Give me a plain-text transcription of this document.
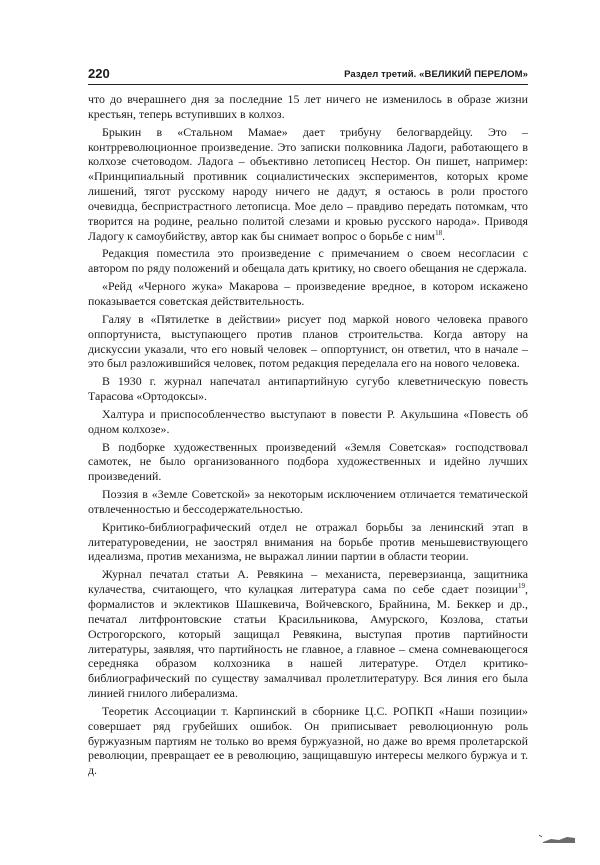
220	Раздел третий. «ВЕЛИКИЙ ПЕРЕЛОМ»

что до вчерашнего дня за последние 15 лет ничего не изменилось в образе жизни крестьян, теперь вступивших в колхоз.

Брыкин в «Стальном Мамае» дает трибуну белогвардейцу. Это – контрреволюционное произведение. Это записки полковника Ладоги, работающего в колхозе счетоводом. Ладога – объективно летописец Нестор. Он пишет, например: «Принципиальный противник социалистических экспериментов, которых кроме лишений, тягот русскому народу ничего не дадут, я остаюсь в роли простого очевидца, беспристрастного летописца. Мое дело – правдиво передать потомкам, что творится на родине, реально политой слезами и кровью русского народа». Приводя Ладогу к самоубийству, автор как бы снимает вопрос о борьбе с ним$^{18}$.

Редакция поместила это произведение с примечанием о своем несогласии с автором по ряду положений и обещала дать критику, но своего обещания не сдержала.

«Рейд «Черного жука» Макарова – произведение вредное, в котором искажено показывается советская действительность.

Галяу в «Пятилетке в действии» рисует под маркой нового человека правого оппортуниста, выступающего против планов строительства. Когда автору на дискуссии указали, что его новый человек – оппортунист, он ответил, что в начале – это был разложившийся человек, потом редакция переделала его на нового человека.

В 1930 г. журнал напечатал антипартийную сугубо клеветническую повесть Тарасова «Ортодоксы».

Халтура и приспособленчество выступают в повести Р. Акульшина «Повесть об одном колхозе».

В подборке художественных произведений «Земля Советская» господствовал самотек, не было организованного подбора художественных и идейно лучших произведений.

Поэзия в «Земле Советской» за некоторым исключением отличается тематической отвлеченностью и бессодержательностью.

Критико-библиографический отдел не отражал борьбы за ленинский этап в литературоведении, не заострял внимания на борьбе против меньшевиствующего идеализма, против механизма, не выражал линии партии в области теории.

Журнал печатал статьи А. Ревякина – механиста, переверзианца, защитника кулачества, считающего, что кулацкая литература сама по себе сдает позиции$^{19}$, формалистов и эклектиков Шашкевича, Войчевского, Брайнина, М. Беккер и др., печатал литфронтовские статьи Красильникова, Амурского, Козлова, статьи Острогорского, который защищал Ревякина, выступая против партийности литературы, заявляя, что партийность не главное, а главное – смена сомневающегося середняка образом колхозника в нашей литературе. Отдел критико-библиографический по существу замалчивал пролетлитературу. Вся линия его была линией гнилого либерализма.

Теоретик Ассоциации т. Карпинский в сборнике Ц.С. РОПКП «Наши позиции» совершает ряд грубейших ошибок. Он приписывает революционную роль буржуазным партиям не только во время буржуазной, но даже во время пролетарской революции, превращает ее в революцию, защищавшую интересы мелкого буржуа и т. д.
